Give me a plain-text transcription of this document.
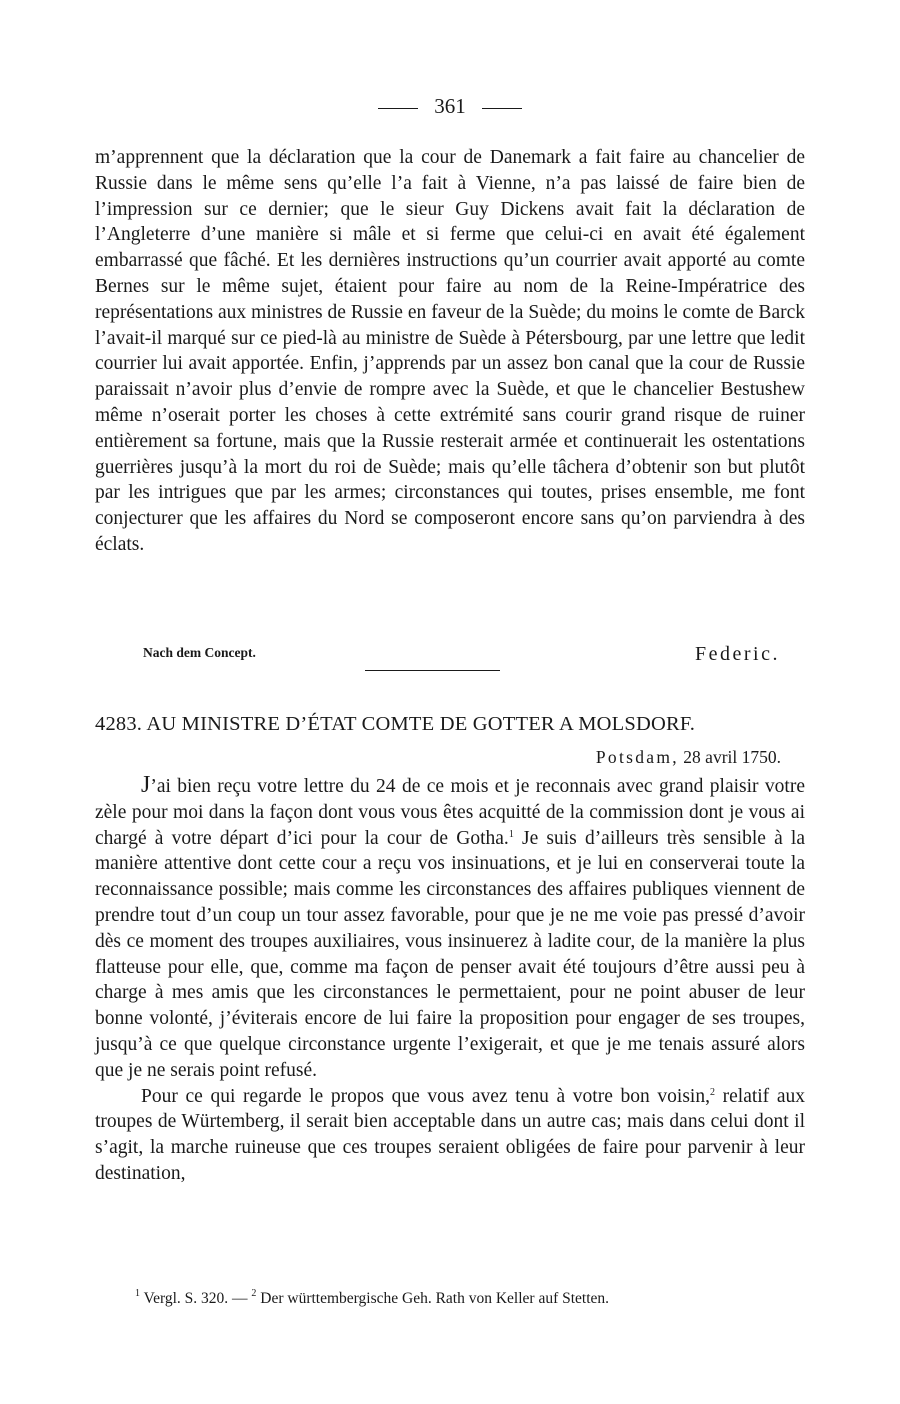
361

m’apprennent que la déclaration que la cour de Danemark a fait faire au chancelier de Russie dans le même sens qu’elle l’a fait à Vienne, n’a pas laissé de faire bien de l’impression sur ce dernier; que le sieur Guy Dickens avait fait la déclaration de l’Angleterre d’une manière si mâle et si ferme que celui-ci en avait été également embarrassé que fâché. Et les dernières instructions qu’un courrier avait apporté au comte Bernes sur le même sujet, étaient pour faire au nom de la Reine-Impératrice des représentations aux ministres de Russie en faveur de la Suède; du moins le comte de Barck l’avait-il marqué sur ce pied-là au ministre de Suède à Pétersbourg, par une lettre que ledit courrier lui avait apportée. Enfin, j’apprends par un assez bon canal que la cour de Russie paraissait n’avoir plus d’envie de rompre avec la Suède, et que le chancelier Bestushew même n’oserait porter les choses à cette extrémité sans courir grand risque de ruiner entièrement sa fortune, mais que la Russie resterait armée et continuerait les ostentations guerrières jusqu’à la mort du roi de Suède; mais qu’elle tâchera d’obtenir son but plutôt par les intrigues que par les armes; circonstances qui toutes, prises ensemble, me font conjecturer que les affaires du Nord se composeront encore sans qu’on parviendra à des éclats.

Nach dem Concept.	Federic.
4283. AU MINISTRE D’ÉTAT COMTE DE GOTTER A MOLSDORF.
Potsdam, 28 avril 1750.

J’ai bien reçu votre lettre du 24 de ce mois et je reconnais avec grand plaisir votre zèle pour moi dans la façon dont vous vous êtes acquitté de la commission dont je vous ai chargé à votre départ d’ici pour la cour de Gotha.$^1$ Je suis d’ailleurs très sensible à la manière attentive dont cette cour a reçu vos insinuations, et je lui en conserverai toute la reconnaissance possible; mais comme les circonstances des affaires publiques viennent de prendre tout d’un coup un tour assez favorable, pour que je ne me voie pas pressé d’avoir dès ce moment des troupes auxiliaires, vous insinuerez à ladite cour, de la manière la plus flatteuse pour elle, que, comme ma façon de penser avait été toujours d’être aussi peu à charge à mes amis que les circonstances le permettaient, pour ne point abuser de leur bonne volonté, j’éviterais encore de lui faire la proposition pour engager de ses troupes, jusqu’à ce que quelque circonstance urgente l’exigerait, et que je me tenais assuré alors que je ne serais point refusé.

Pour ce qui regarde le propos que vous avez tenu à votre bon voisin,$^2$ relatif aux troupes de Würtemberg, il serait bien acceptable dans un autre cas; mais dans celui dont il s’agit, la marche ruineuse que ces troupes seraient obligées de faire pour parvenir à leur destination,

$^1$ Vergl. S. 320. — $^2$ Der württembergische Geh. Rath von Keller auf Stetten.
